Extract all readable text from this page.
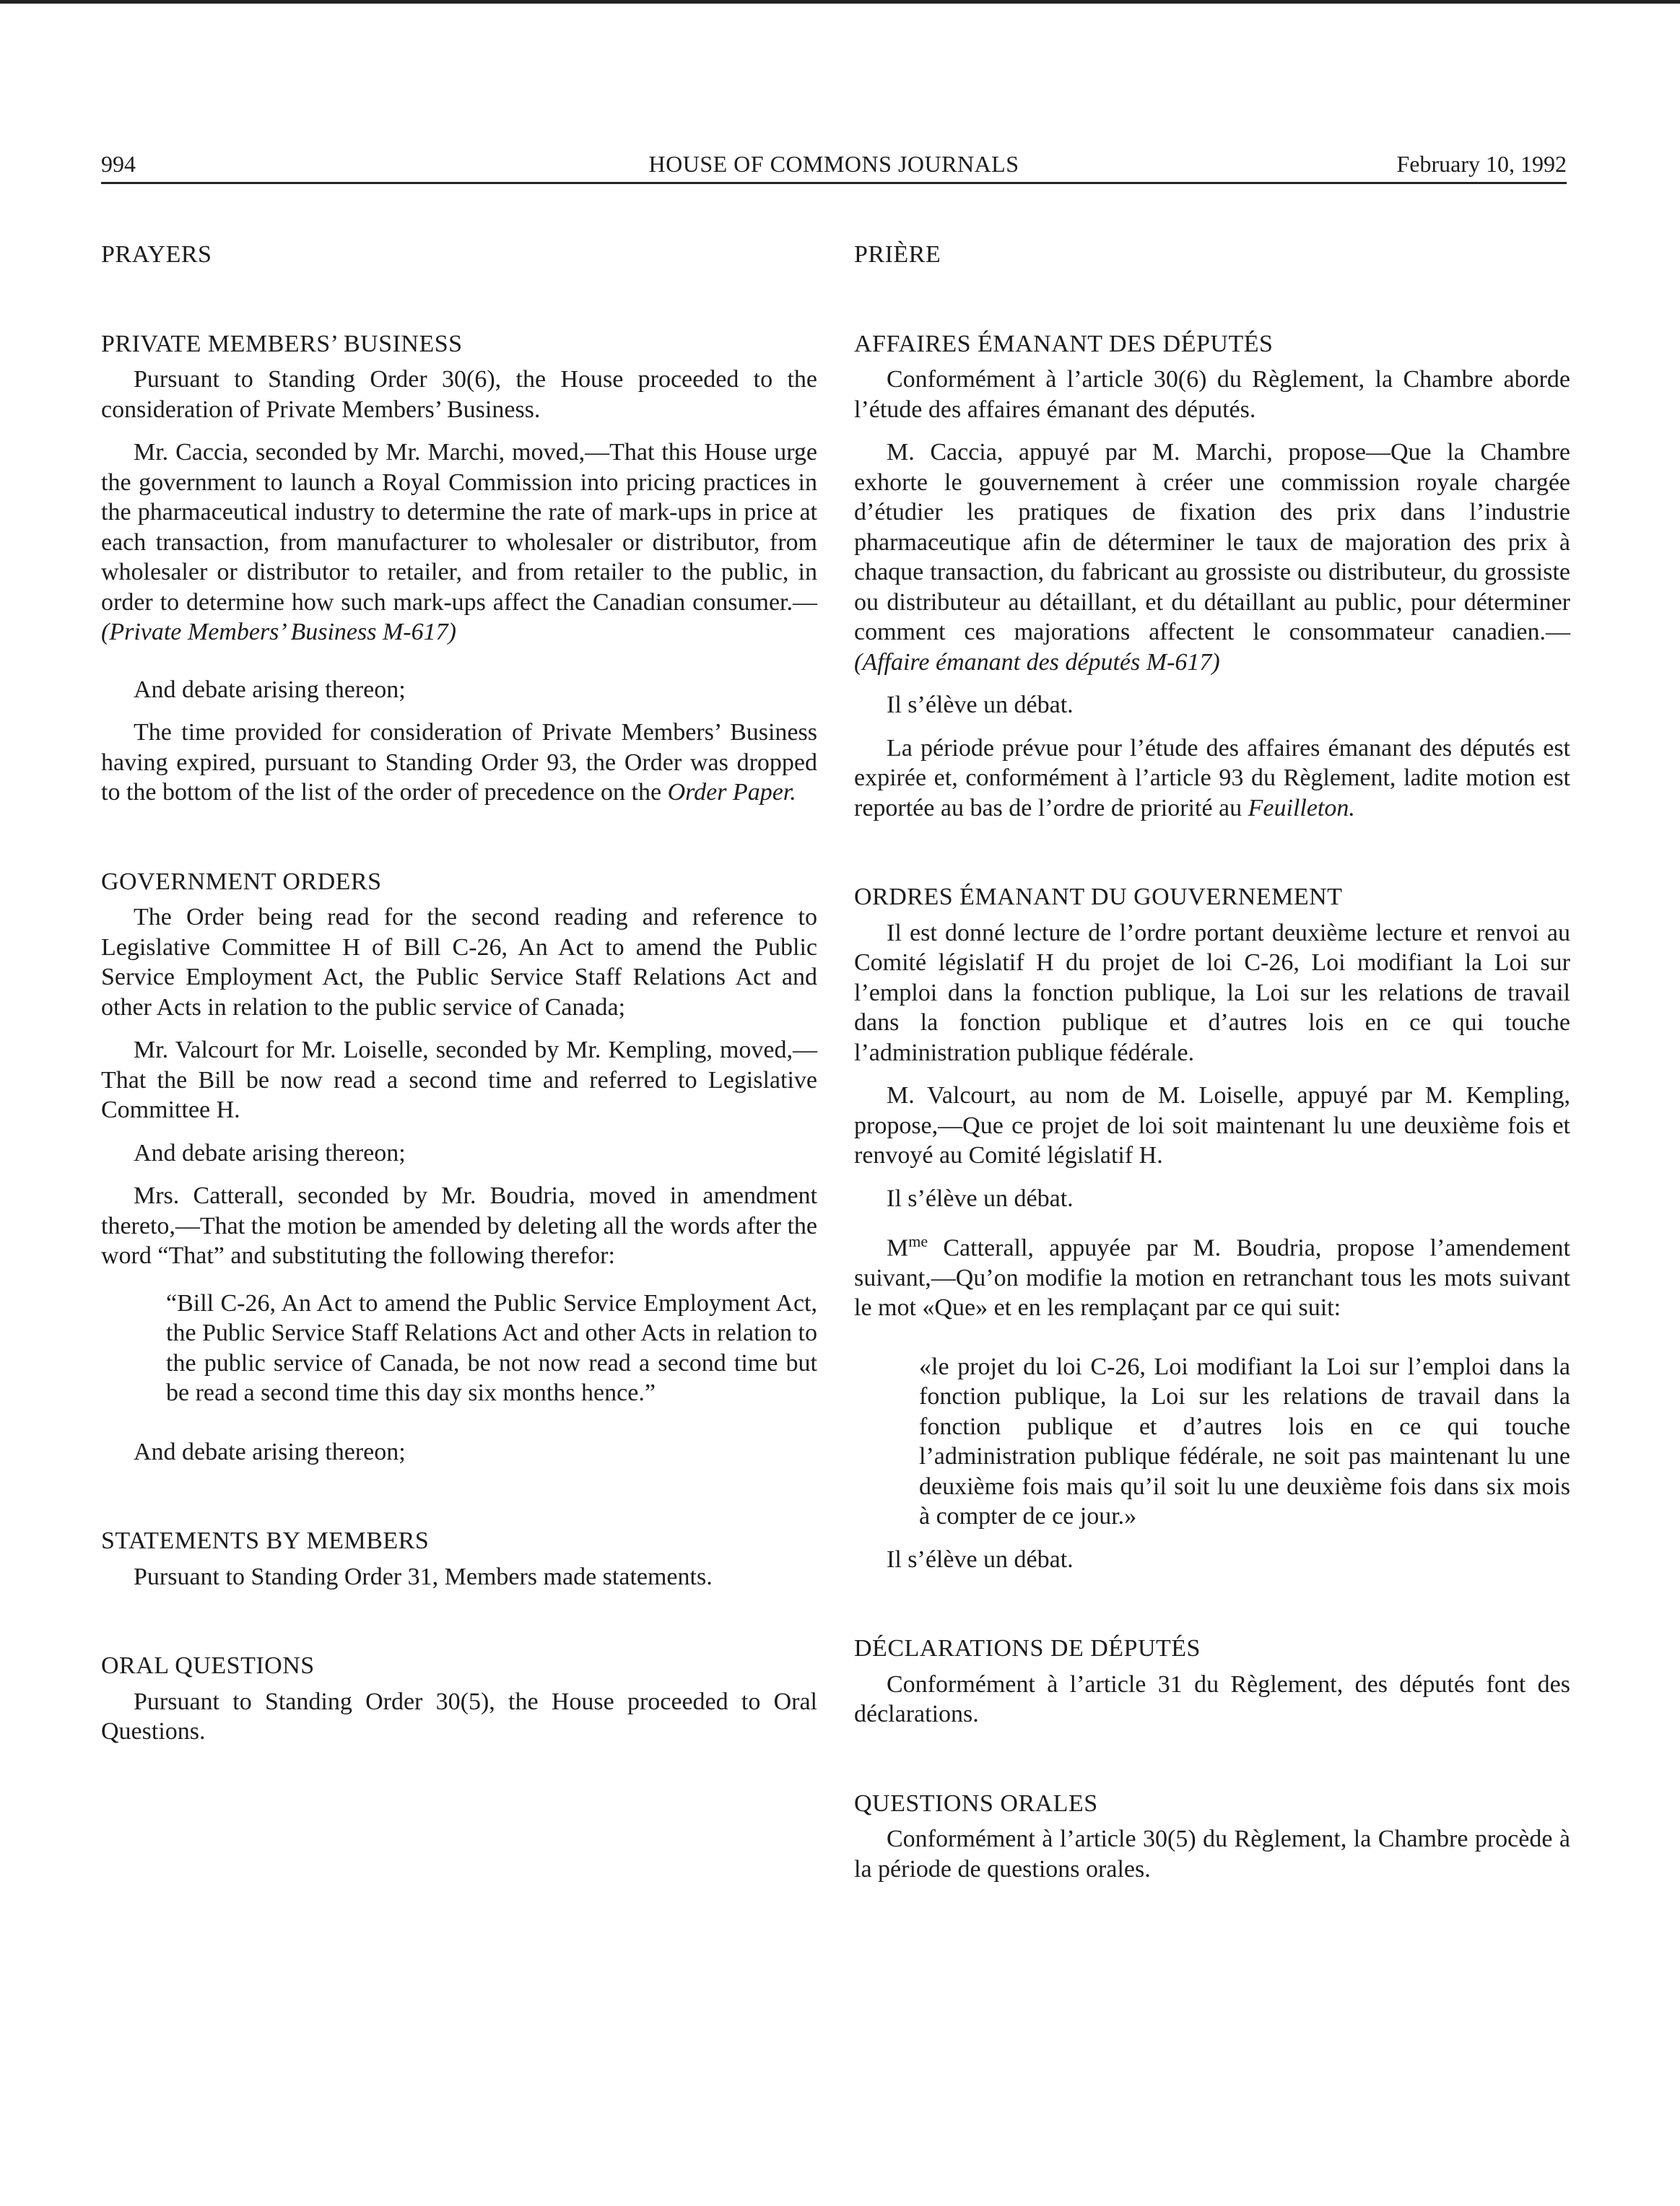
994	HOUSE OF COMMONS JOURNALS	February 10, 1992
PRAYERS
PRIVATE MEMBERS’ BUSINESS

Pursuant to Standing Order 30(6), the House proceeded to the consideration of Private Members’ Business.

Mr. Caccia, seconded by Mr. Marchi, moved,—That this House urge the government to launch a Royal Commission into pricing practices in the pharmaceutical industry to determine the rate of mark-ups in price at each transaction, from manufacturer to wholesaler or distributor, from wholesaler or distributor to retailer, and from retailer to the public, in order to determine how such mark-ups affect the Canadian consumer.—(Private Members’ Business M-617)

And debate arising thereon;

The time provided for consideration of Private Members’ Business having expired, pursuant to Standing Order 93, the Order was dropped to the bottom of the list of the order of precedence on the Order Paper.

GOVERNMENT ORDERS

The Order being read for the second reading and reference to Legislative Committee H of Bill C-26, An Act to amend the Public Service Employment Act, the Public Service Staff Relations Act and other Acts in relation to the public service of Canada;

Mr. Valcourt for Mr. Loiselle, seconded by Mr. Kempling, moved,—That the Bill be now read a second time and referred to Legislative Committee H.

And debate arising thereon;

Mrs. Catterall, seconded by Mr. Boudria, moved in amendment thereto,—That the motion be amended by deleting all the words after the word “That” and substituting the following therefor:

“Bill C-26, An Act to amend the Public Service Employment Act, the Public Service Staff Relations Act and other Acts in relation to the public service of Canada, be not now read a second time but be read a second time this day six months hence.”

And debate arising thereon;

STATEMENTS BY MEMBERS

Pursuant to Standing Order 31, Members made statements.

ORAL QUESTIONS

Pursuant to Standing Order 30(5), the House proceeded to Oral Questions.

PRIÈRE
AFFAIRES ÉMANANT DES DÉPUTÉS

Conformément à l’article 30(6) du Règlement, la Chambre aborde l’étude des affaires émanant des députés.

M. Caccia, appuyé par M. Marchi, propose—Que la Chambre exhorte le gouvernement à créer une commission royale chargée d’étudier les pratiques de fixation des prix dans l’industrie pharmaceutique afin de déterminer le taux de majoration des prix à chaque transaction, du fabricant au grossiste ou distributeur, du grossiste ou distributeur au détaillant, et du détaillant au public, pour déterminer comment ces majorations affectent le consommateur canadien.—(Affaire émanant des députés M-617)

Il s’élève un débat.

La période prévue pour l’étude des affaires émanant des députés est expirée et, conformément à l’article 93 du Règlement, ladite motion est reportée au bas de l’ordre de priorité au Feuilleton.

ORDRES ÉMANANT DU GOUVERNEMENT

Il est donné lecture de l’ordre portant deuxième lecture et renvoi au Comité législatif H du projet de loi C-26, Loi modifiant la Loi sur l’emploi dans la fonction publique, la Loi sur les relations de travail dans la fonction publique et d’autres lois en ce qui touche l’administration publique fédérale.

M. Valcourt, au nom de M. Loiselle, appuyé par M. Kempling, propose,—Que ce projet de loi soit maintenant lu une deuxième fois et renvoyé au Comité législatif H.

Il s’élève un débat.

$M^{me}$ Catterall, appuyée par M. Boudria, propose l’amendement suivant,—Qu’on modifie la motion en retranchant tous les mots suivant le mot «Que» et en les remplaçant par ce qui suit:

«le projet du loi C-26, Loi modifiant la Loi sur l’emploi dans la fonction publique, la Loi sur les relations de travail dans la fonction publique et d’autres lois en ce qui touche l’administration publique fédérale, ne soit pas maintenant lu une deuxième fois mais qu’il soit lu une deuxième fois dans six mois à compter de ce jour.»

Il s’élève un débat.

DÉCLARATIONS DE DÉPUTÉS

Conformément à l’article 31 du Règlement, des députés font des déclarations.

QUESTIONS ORALES

Conformément à l’article 30(5) du Règlement, la Chambre procède à la période de questions orales.
